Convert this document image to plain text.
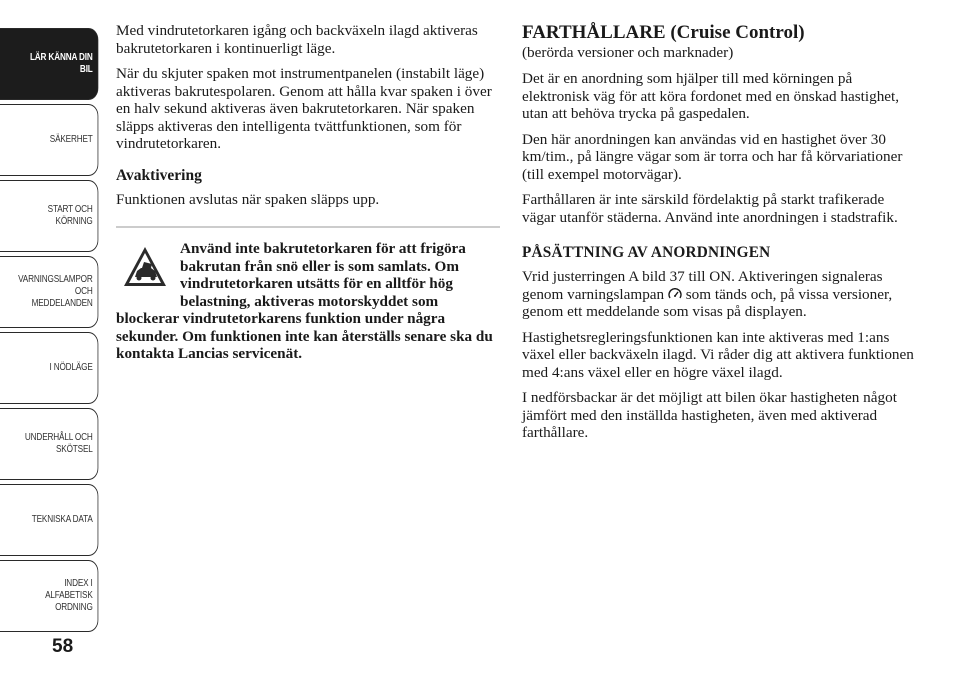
LÄR KÄNNA DIN
BIL
SÄKERHET
START OCH
KÖRNING
VARNINGSLAMPOR
OCH
MEDDELANDEN
I NÖDLÄGE
UNDERHÅLL OCH
SKÖTSEL
TEKNISKA DATA
INDEX I
ALFABETISK
ORDNING
58

Med vindrutetorkaren igång och backväxeln ilagd aktiveras bakrutetorkaren i kontinuerligt läge.

När du skjuter spaken mot instrumentpanelen (instabilt läge) aktiveras bakrutespolaren. Genom att hålla kvar spaken i över en halv sekund aktiveras även bakrutetorkaren. När spaken släpps aktiveras den intelligenta tvättfunktionen, som för vindrutetorkaren.

Avaktivering

Funktionen avslutas när spaken släpps upp.

Använd inte bakrutetorkaren för att frigöra bakrutan från snö eller is som samlats. Om vindrutetorkaren utsätts för en alltför hög belastning, aktiveras motorskyddet som blockerar vindrutetorkarens funktion under några sekunder. Om funktionen inte kan återställs senare ska du kontakta Lancias servicenät.
FARTHÅLLARE (Cruise Control)
(berörda versioner och marknader)

Det är en anordning som hjälper till med körningen på elektronisk väg för att köra fordonet med en önskad hastighet, utan att behöva trycka på gaspedalen.

Den här anordningen kan användas vid en hastighet över 30 km/tim., på längre vägar som är torra och har få körvariationer (till exempel motorvägar).

Farthållaren är inte särskild fördelaktig på starkt trafikerade vägar utanför städerna. Använd inte anordningen i stadstrafik.

PÅSÄTTNING AV ANORDNINGEN

Vrid justerringen A bild 37 till ON. Aktiveringen signaleras genom varningslampan  som tänds och, på vissa versioner, genom ett meddelande som visas på displayen.

Hastighetsregleringsfunktionen kan inte aktiveras med 1:ans växel eller backväxeln ilagd. Vi råder dig att aktivera funktionen med 4:ans växel eller en högre växel ilagd.

I nedförsbackar är det möjligt att bilen ökar hastigheten något jämfört med den inställda hastigheten, även med aktiverad farthållare.
